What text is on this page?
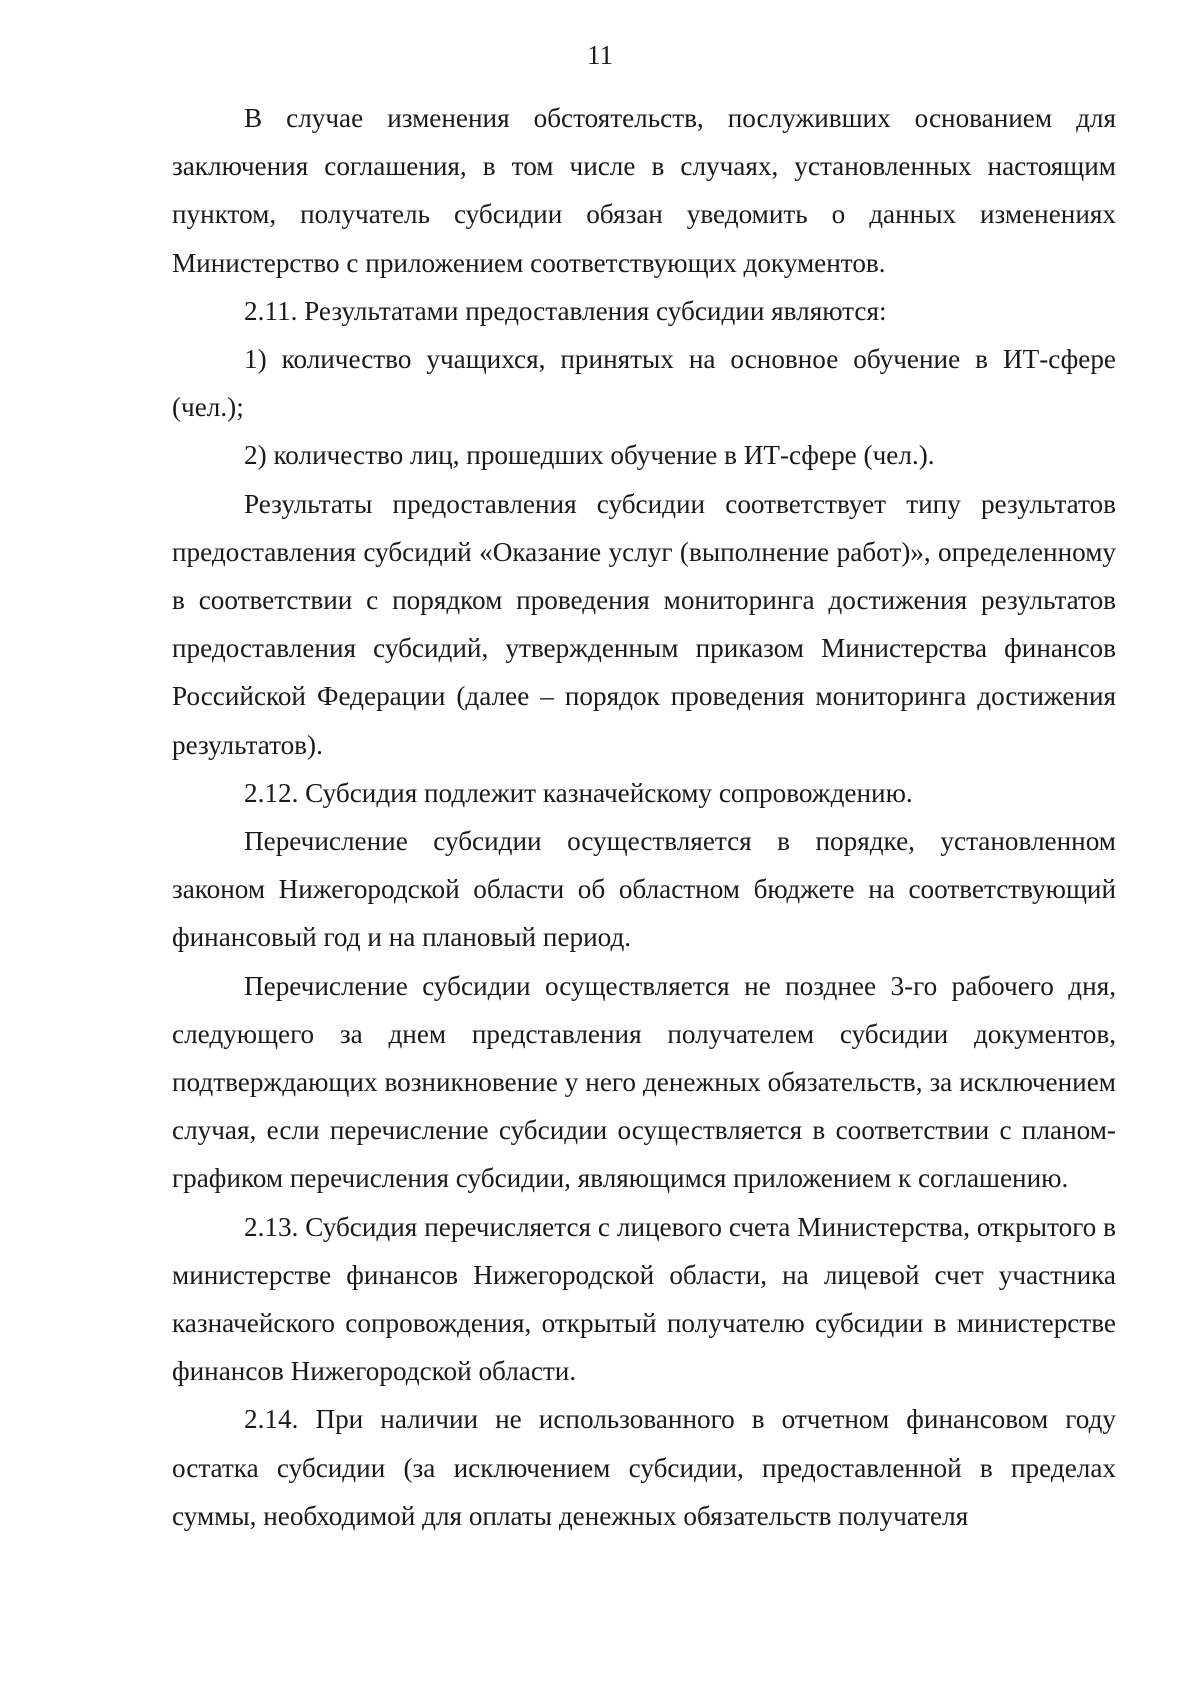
11

В случае изменения обстоятельств, послуживших основанием для заключения соглашения, в том числе в случаях, установленных настоящим пунктом, получатель субсидии обязан уведомить о данных изменениях Министерство с приложением соответствующих документов.

2.11. Результатами предоставления субсидии являются:

1) количество учащихся, принятых на основное обучение в ИТ-сфере (чел.);

2) количество лиц, прошедших обучение в ИТ-сфере (чел.).

Результаты предоставления субсидии соответствует типу результатов предоставления субсидий «Оказание услуг (выполнение работ)», определенному в соответствии с порядком проведения мониторинга достижения результатов предоставления субсидий, утвержденным приказом Министерства финансов Российской Федерации (далее – порядок проведения мониторинга достижения результатов).

2.12. Субсидия подлежит казначейскому сопровождению.

Перечисление субсидии осуществляется в порядке, установленном законом Нижегородской области об областном бюджете на соответствующий финансовый год и на плановый период.

Перечисление субсидии осуществляется не позднее 3-го рабочего дня, следующего за днем представления получателем субсидии документов, подтверждающих возникновение у него денежных обязательств, за исключением случая, если перечисление субсидии осуществляется в соответствии с планом-графиком перечисления субсидии, являющимся приложением к соглашению.

2.13. Субсидия перечисляется с лицевого счета Министерства, открытого в министерстве финансов Нижегородской области, на лицевой счет участника казначейского сопровождения, открытый получателю субсидии в министерстве финансов Нижегородской области.

2.14. При наличии не использованного в отчетном финансовом году остатка субсидии (за исключением субсидии, предоставленной в пределах суммы, необходимой для оплаты денежных обязательств получателя
